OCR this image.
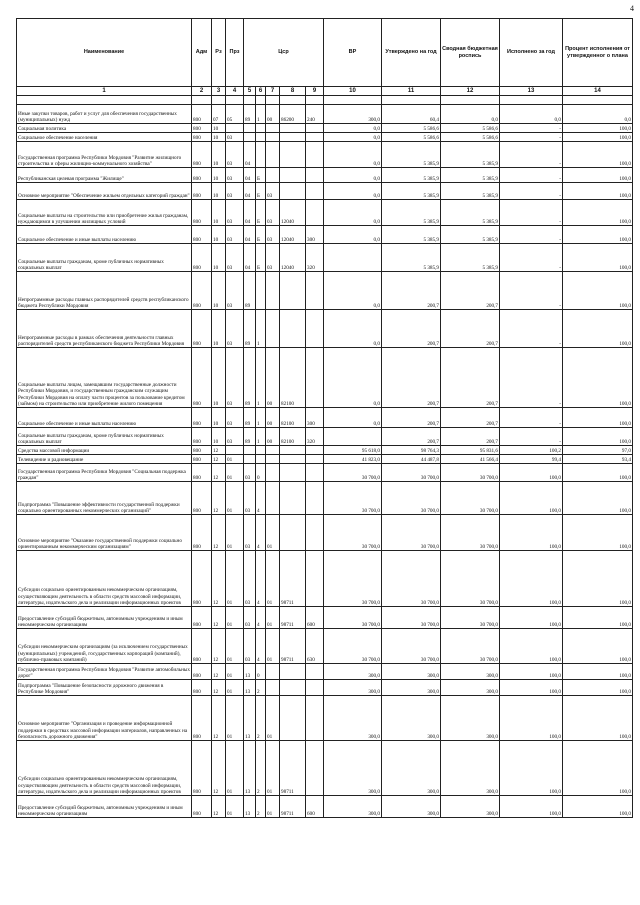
4
Наименование	Адм	Рз	Прз	Цср					ВР	Утверждено на год	Сводная бюджетная роспись	Исполнено за год	Процент исполнения от утвержденног о плана	
1	2	3	4	5	6	7	8	9	10	11	12	13	14	

Иные закупки товаров, работ и услуг для обеспечения государственных (муниципальных) нужд	800	07	05	89	1	00	86200	240	300,0	60,4	0,0	0,0	0,0	
Социальная политика	800	10							0,0	5 586,6	5 586,6	-	100,0	
Социальное обеспечение населения	800	10	03						0,0	5 586,6	5 586,6	-	100,0	
Государственная программа Республики Мордовия "Развитие жилищного строительства и сферы жилищно-коммунального хозяйства"	800	10	03	04					0,0	5 385,9	5 385,9	-	100,0	
Республиканская целевая программа "Жилище"	800	10	03	04	Б				0,0	5 385,9	5 385,9	-	100,0	
Основное мероприятие "Обеспечение жильем отдельных категорий граждан"	800	10	03	04	Б	03			0,0	5 385,9	5 385,9	-	100,0	
Социальные выплаты на строительство или приобретение жилья гражданам, нуждающимся в улучшении жилищных условий	800	10	03	04	Б	03	12040		0,0	5 385,9	5 385,9	-	100,0	
Социальное обеспечение и иные выплаты населению	800	10	03	04	Б	03	12040	300	0,0	5 385,9	5 385,9	-	100,0	
Социальные выплаты гражданам, кроме публичных нормативных социальных выплат	800	10	03	04	Б	03	12040	320		5 385,9	5 385,9	-	100,0	
Непрограммные расходы главных распорядителей средств республиканского бюджета Республики Мордовия	800	10	03	89					0,0	200,7	200,7	-	100,0	
Непрограммные расходы в рамках обеспечения деятельности главных распорядителей средств республиканского бюджета Республики Мордовия	800	10	03	89	1				0,0	200,7	200,7	-	100,0	
Социальные выплаты лицам, замещавшим государственные должности Республики Мордовия, и государственным гражданским служащим Республики Мордовия на оплату части процентов за пользование кредитом (займом) на строительство или приобретение жилого помещения	800	10	03	89	1	00	82100		0,0	200,7	200,7	-	100,0	
Социальное обеспечение и иные выплаты населению	800	10	03	89	1	00	82100	300	0,0	200,7	200,7	-	100,0	
Социальные выплаты гражданам, кроме публичных нормативных социальных выплат	800	10	03	89	1	00	82100	320		200,7	200,7	-	100,0	
Средства массовой информации	800	12							95 618,0	98 764,3	95 831,6	100,2	97,0	
Телевидение и радиовещание	800	12	01						41 823,0	44 487,8	41 566,4	99,4	93,4	
Государственная программа Республики Мордовия "Социальная поддержка граждан"	800	12	01	03	0				30 700,0	30 700,0	30 700,0	100,0	100,0	
Подпрограмма "Повышение эффективности государственной поддержки социально ориентированных некоммерческих организаций"	800	12	01	03	4				30 700,0	30 700,0	30 700,0	100,0	100,0	
Основное мероприятие "Оказание государственной поддержки социально ориентированным некоммерческим организациям"	800	12	01	03	4	01			30 700,0	30 700,0	30 700,0	100,0	100,0	
Субсидии социально ориентированным некоммерческим организациям, осуществляющим деятельность в области средств массовой информации, литературы, издательского дела и реализации информационных проектов	800	12	01	03	4	01	98711		30 700,0	30 700,0	30 700,0	100,0	100,0	
Предоставление субсидий бюджетным, автономным учреждениям и иным некоммерческим организациям	800	12	01	03	4	01	98711	600	30 700,0	30 700,0	30 700,0	100,0	100,0	
Субсидии некоммерческим организациям (за исключением государственных (муниципальных) учреждений, государственных корпораций (компаний), публично-правовых компаний)	800	12	01	03	4	01	98711	630	30 700,0	30 700,0	30 700,0	100,0	100,0	
Государственная программа Республики Мордовия "Развитие автомобильных дорог"	800	12	01	13	0				300,0	300,0	300,0	100,0	100,0	
Подпрограмма "Повышение безопасности дорожного движения в Республике Мордовия"	800	12	01	13	2				300,0	300,0	300,0	100,0	100,0	
Основное мероприятие "Организация и проведение информационной поддержки в средствах массовой информации материалов, направленных на безопасность дорожного движения"	800	12	01	13	2	01			300,0	300,0	300,0	100,0	100,0	
Субсидии социально ориентированным некоммерческим организациям, осуществляющим деятельность в области средств массовой информации, литературы, издательского дела и реализации информационных проектов	800	12	01	13	2	01	98711		300,0	300,0	300,0	100,0	100,0	
Предоставление субсидий бюджетным, автономным учреждениям и иным некоммерческим организациям	800	12	01	13	2	01	98711	600	300,0	300,0	300,0	100,0	100,0	
